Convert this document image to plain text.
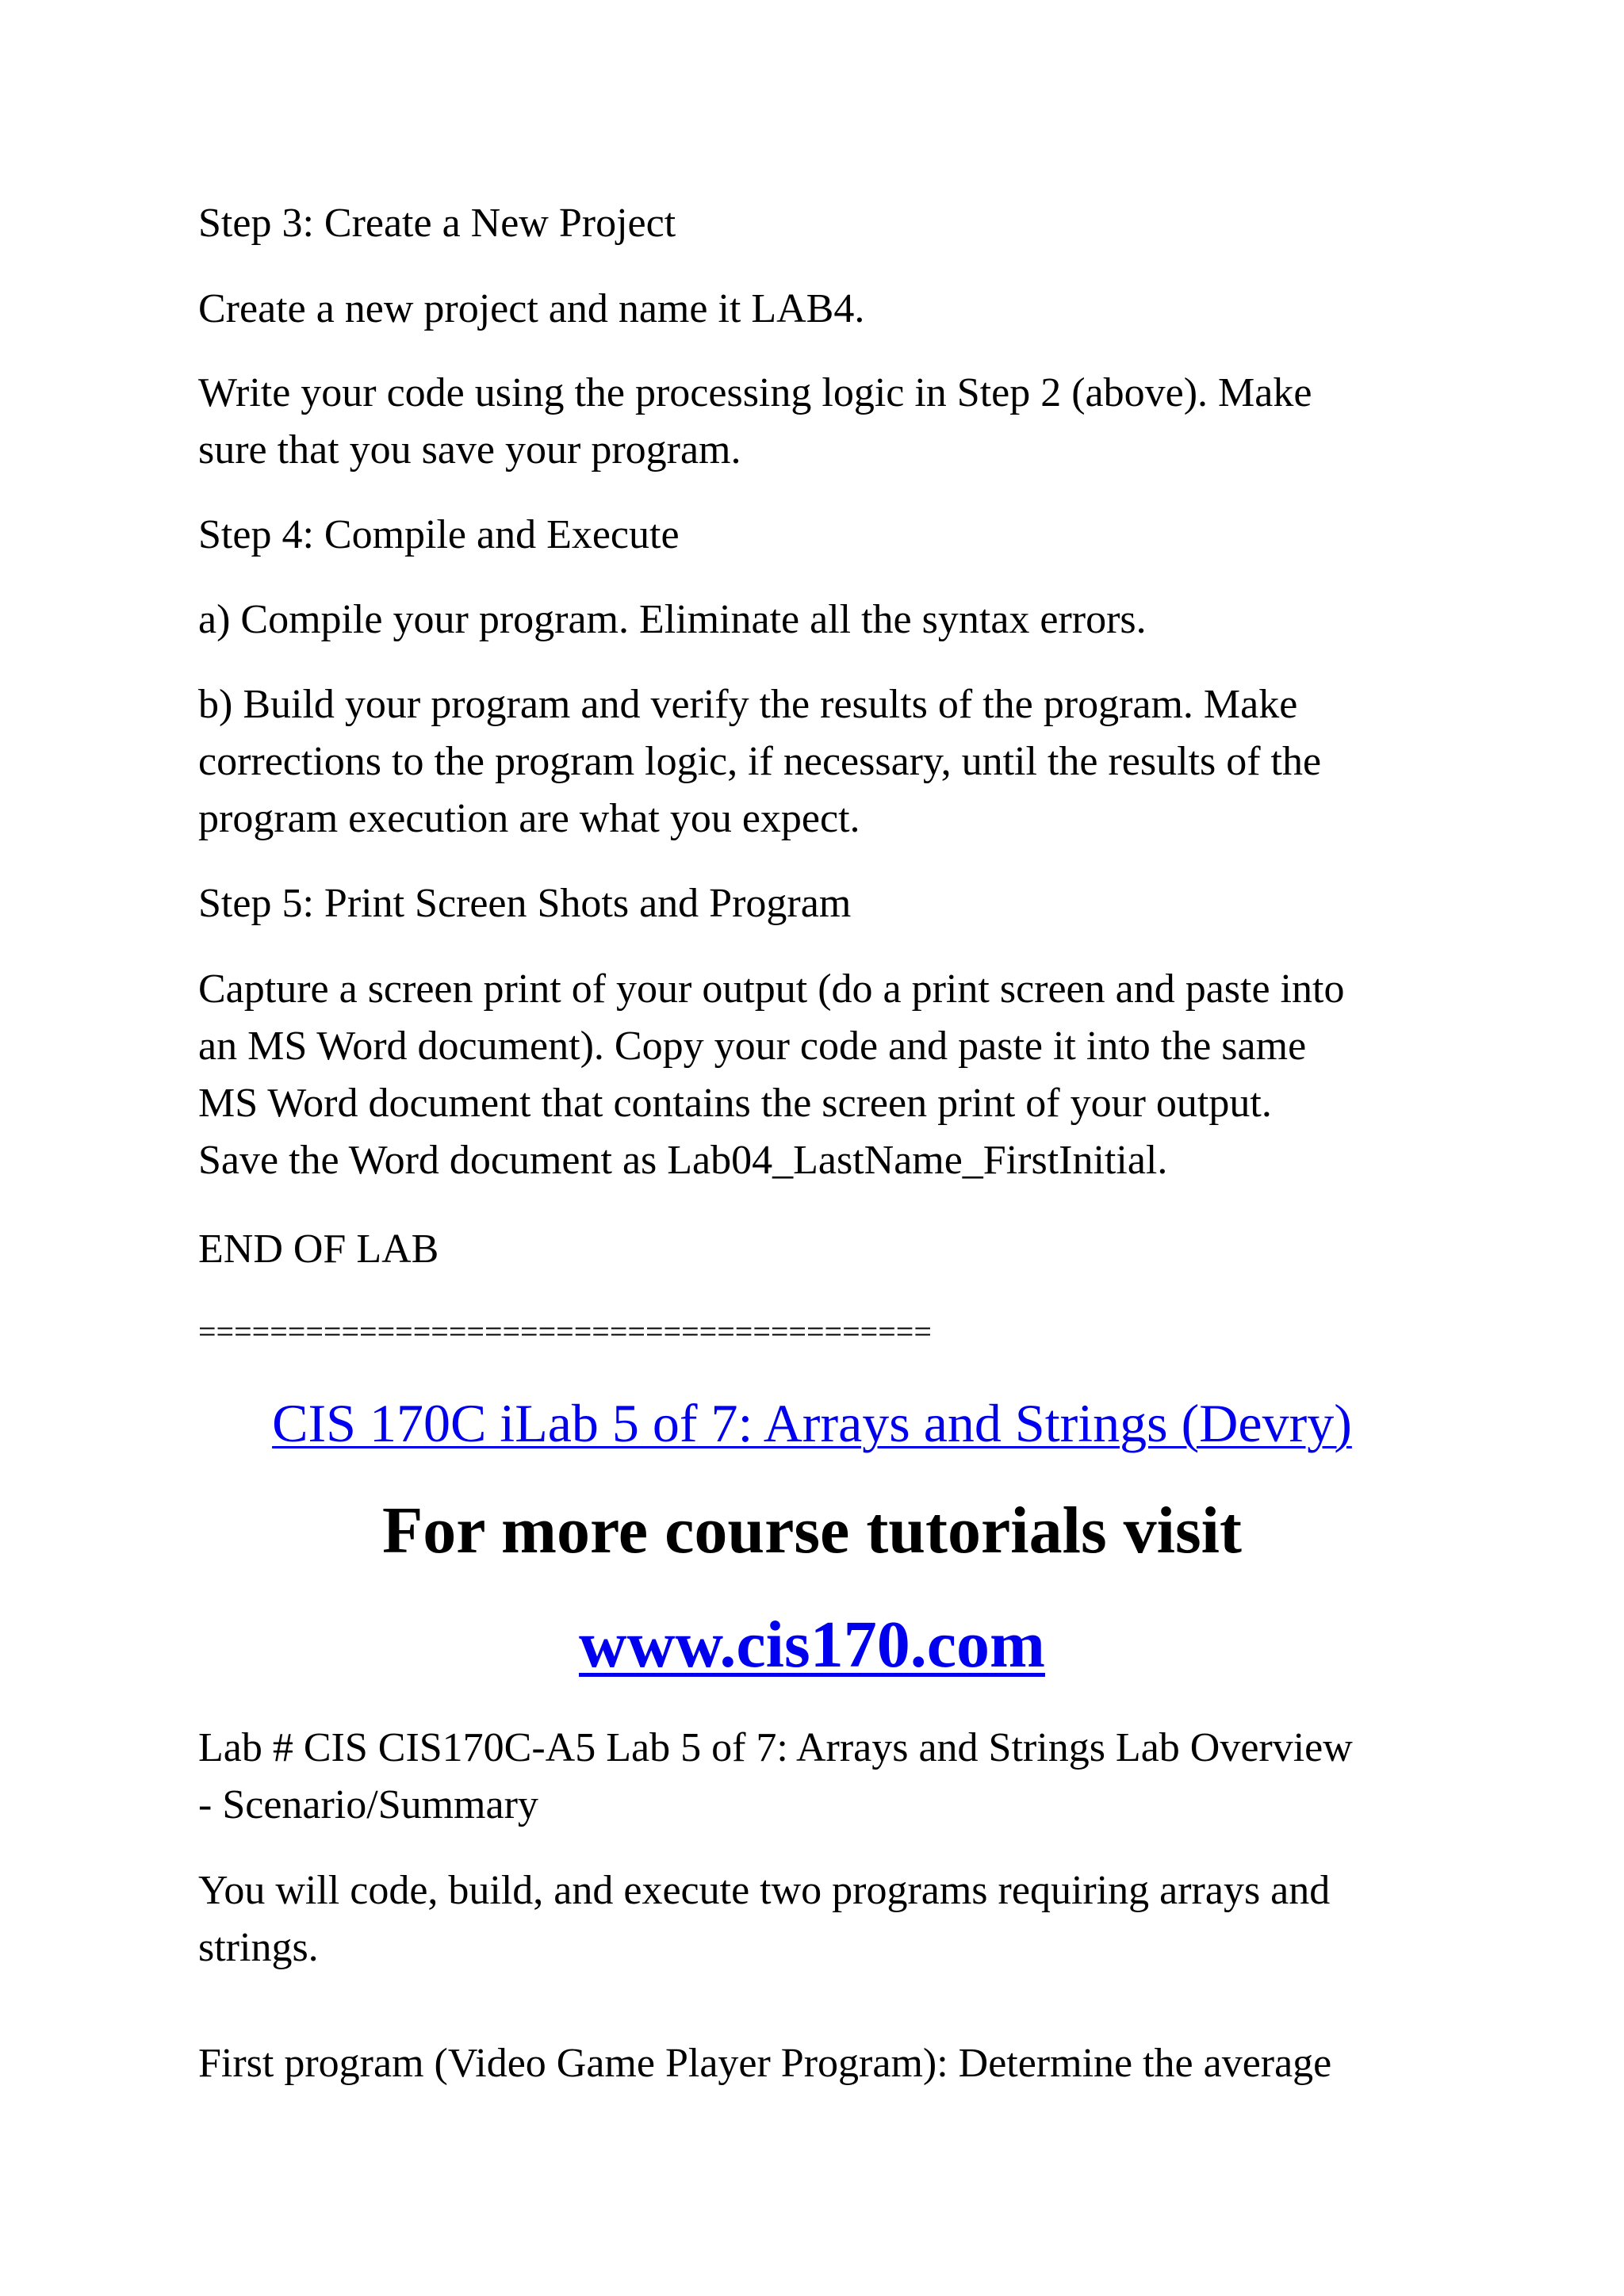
Step 3: Create a New Project
Create a new project and name it LAB4.
Write your code using the processing logic in Step 2 (above). Make
sure that you save your program.
Step 4: Compile and Execute
a) Compile your program. Eliminate all the syntax errors.
b) Build your program and verify the results of the program. Make
corrections to the program logic, if necessary, until the results of the
program execution are what you expect.
Step 5: Print Screen Shots and Program
Capture a screen print of your output (do a print screen and paste into
an MS Word document). Copy your code and paste it into the same
MS Word document that contains the screen print of your output.
Save the Word document as Lab04_LastName_FirstInitial.
END OF LAB
=========================================
CIS 170C iLab 5 of 7: Arrays and Strings (Devry)
For more course tutorials visit
www.cis170.com
Lab # CIS CIS170C-A5 Lab 5 of 7: Arrays and Strings Lab Overview
- Scenario/Summary
You will code, build, and execute two programs requiring arrays and
strings.
First program (Video Game Player Program): Determine the average
